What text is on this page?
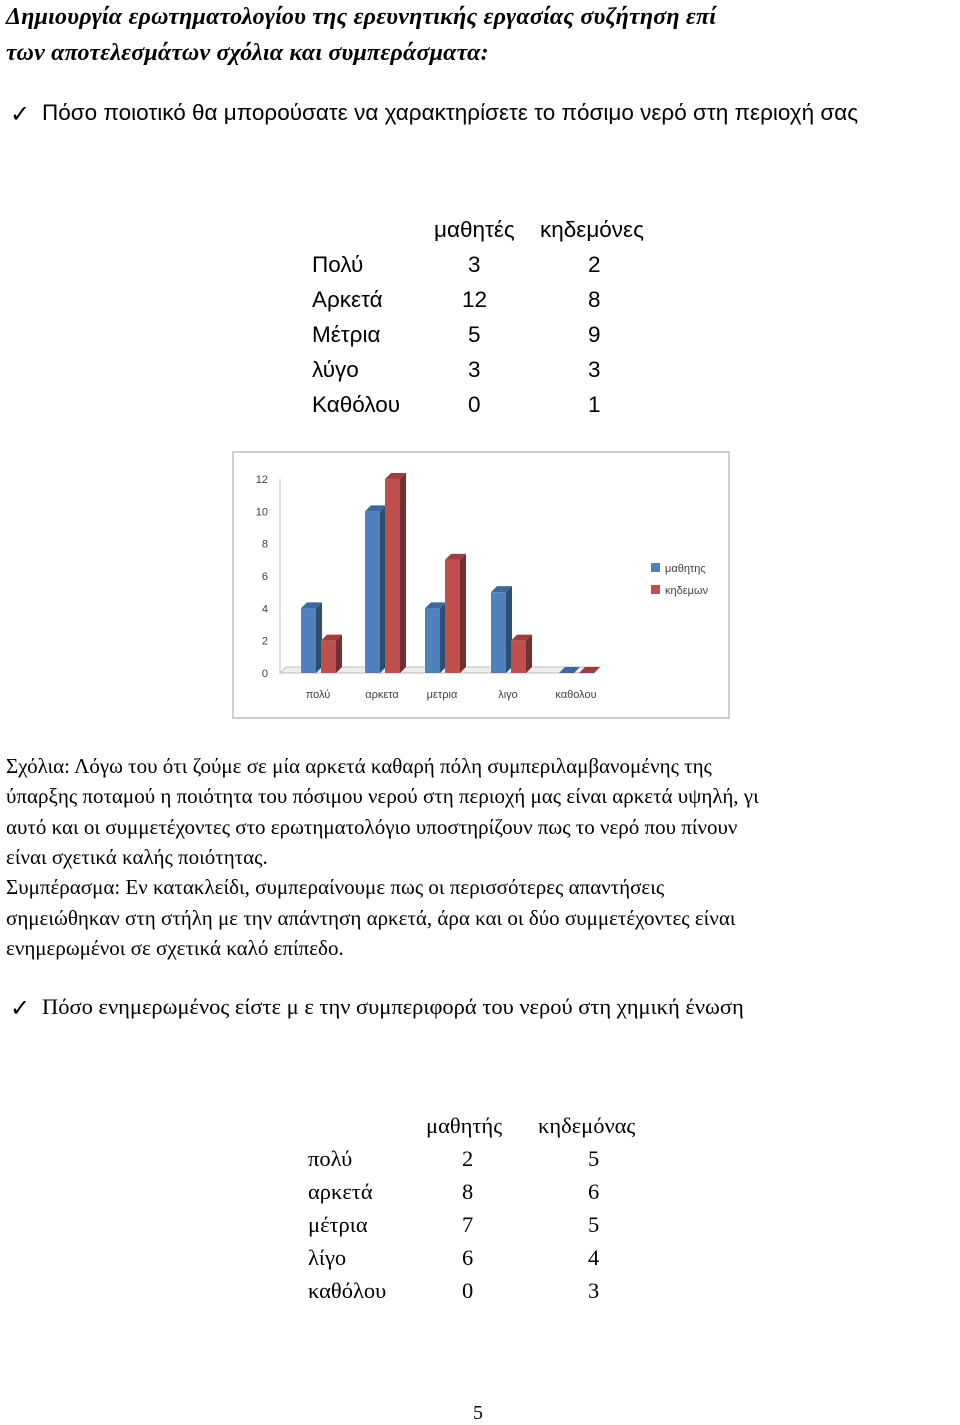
Δημιουργία ερωτηματολογίου της ερευνητικής εργασίας συζήτηση επί
των αποτελεσμάτων σχόλια και συμπεράσματα:
✓ Πόσο ποιοτικό θα μπορούσατε να χαρακτηρίσετε το πόσιμο νερό στη περιοχή σας
μαθητές κηδεμόνες
Πολύ	3	2
Αρκετά	12	8
Μέτρια	5	9
λύγο	3	3
Καθόλου	0	1
0
2
4
6
8
10
12
πολύ	αρκετα	μετρια	λιγο	καθολου
μαθητης
κηδεμων
Σχόλια: Λόγω του ότι ζούμε σε μία αρκετά καθαρή πόλη συμπεριλαμβανομένης της
ύπαρξης ποταμού η ποιότητα του πόσιμου νερού στη περιοχή μας είναι αρκετά υψηλή, γι
αυτό και οι συμμετέχοντες στο ερωτηματολόγιο υποστηρίζουν πως το νερό που πίνουν
είναι σχετικά καλής ποιότητας.
Συμπέρασμα: Εν κατακλείδι, συμπεραίνουμε πως οι περισσότερες απαντήσεις
σημειώθηκαν στη στήλη με την απάντηση αρκετά, άρα και οι δύο συμμετέχοντες είναι
ενημερωμένοι σε σχετικά καλό επίπεδο.
✓ Πόσο ενημερωμένος είστε μ ε την συμπεριφορά του νερού στη χημική ένωση
μαθητής κηδεμόνας
πολύ	2	5
αρκετά	8	6
μέτρια	7	5
λίγο	6	4
καθόλου	0	3
5
